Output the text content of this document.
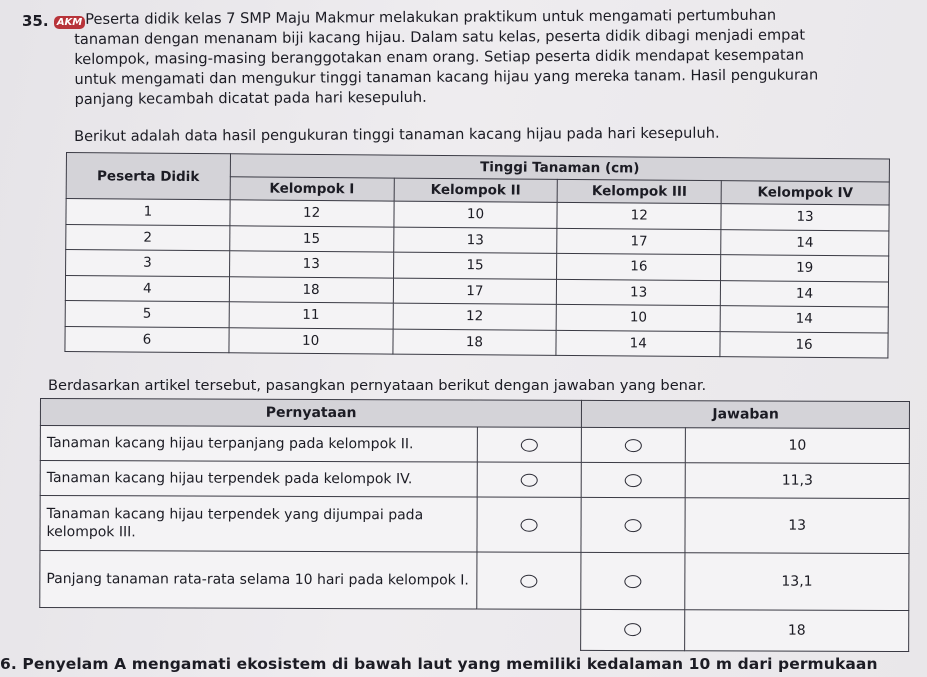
35. AKM Peserta didik kelas 7 SMP Maju Makmur melakukan praktikum untuk mengamati pertumbuhan
tanaman dengan menanam biji kacang hijau. Dalam satu kelas, peserta didik dibagi menjadi empat
kelompok, masing-masing beranggotakan enam orang. Setiap peserta didik mendapat kesempatan
untuk mengamati dan mengukur tinggi tanaman kacang hijau yang mereka tanam. Hasil pengukuran
panjang kecambah dicatat pada hari kesepuluh.
Berikut adalah data hasil pengukuran tinggi tanaman kacang hijau pada hari kesepuluh.
Peserta Didik	Tinggi Tanaman (cm)			
	Kelompok I	Kelompok II	Kelompok III	Kelompok IV
1	12	10	12	13
2	15	13	17	14
3	13	15	16	19
4	18	17	13	14
5	11	12	10	14
6	10	18	14	16
Berdasarkan artikel tersebut, pasangkan pernyataan berikut dengan jawaban yang benar.
Pernyataan		Jawaban	
Tanaman kacang hijau terpanjang pada kelompok II.			10
Tanaman kacang hijau terpendek pada kelompok IV.			11,3
Tanaman kacang hijau terpendek yang dijumpai pada kelompok III.			13
Panjang tanaman rata-rata selama 10 hari pada kelompok I.			13,1
			18
6. Penyelam A mengamati ekosistem di bawah laut yang memiliki kedalaman 10 m dari permukaan
